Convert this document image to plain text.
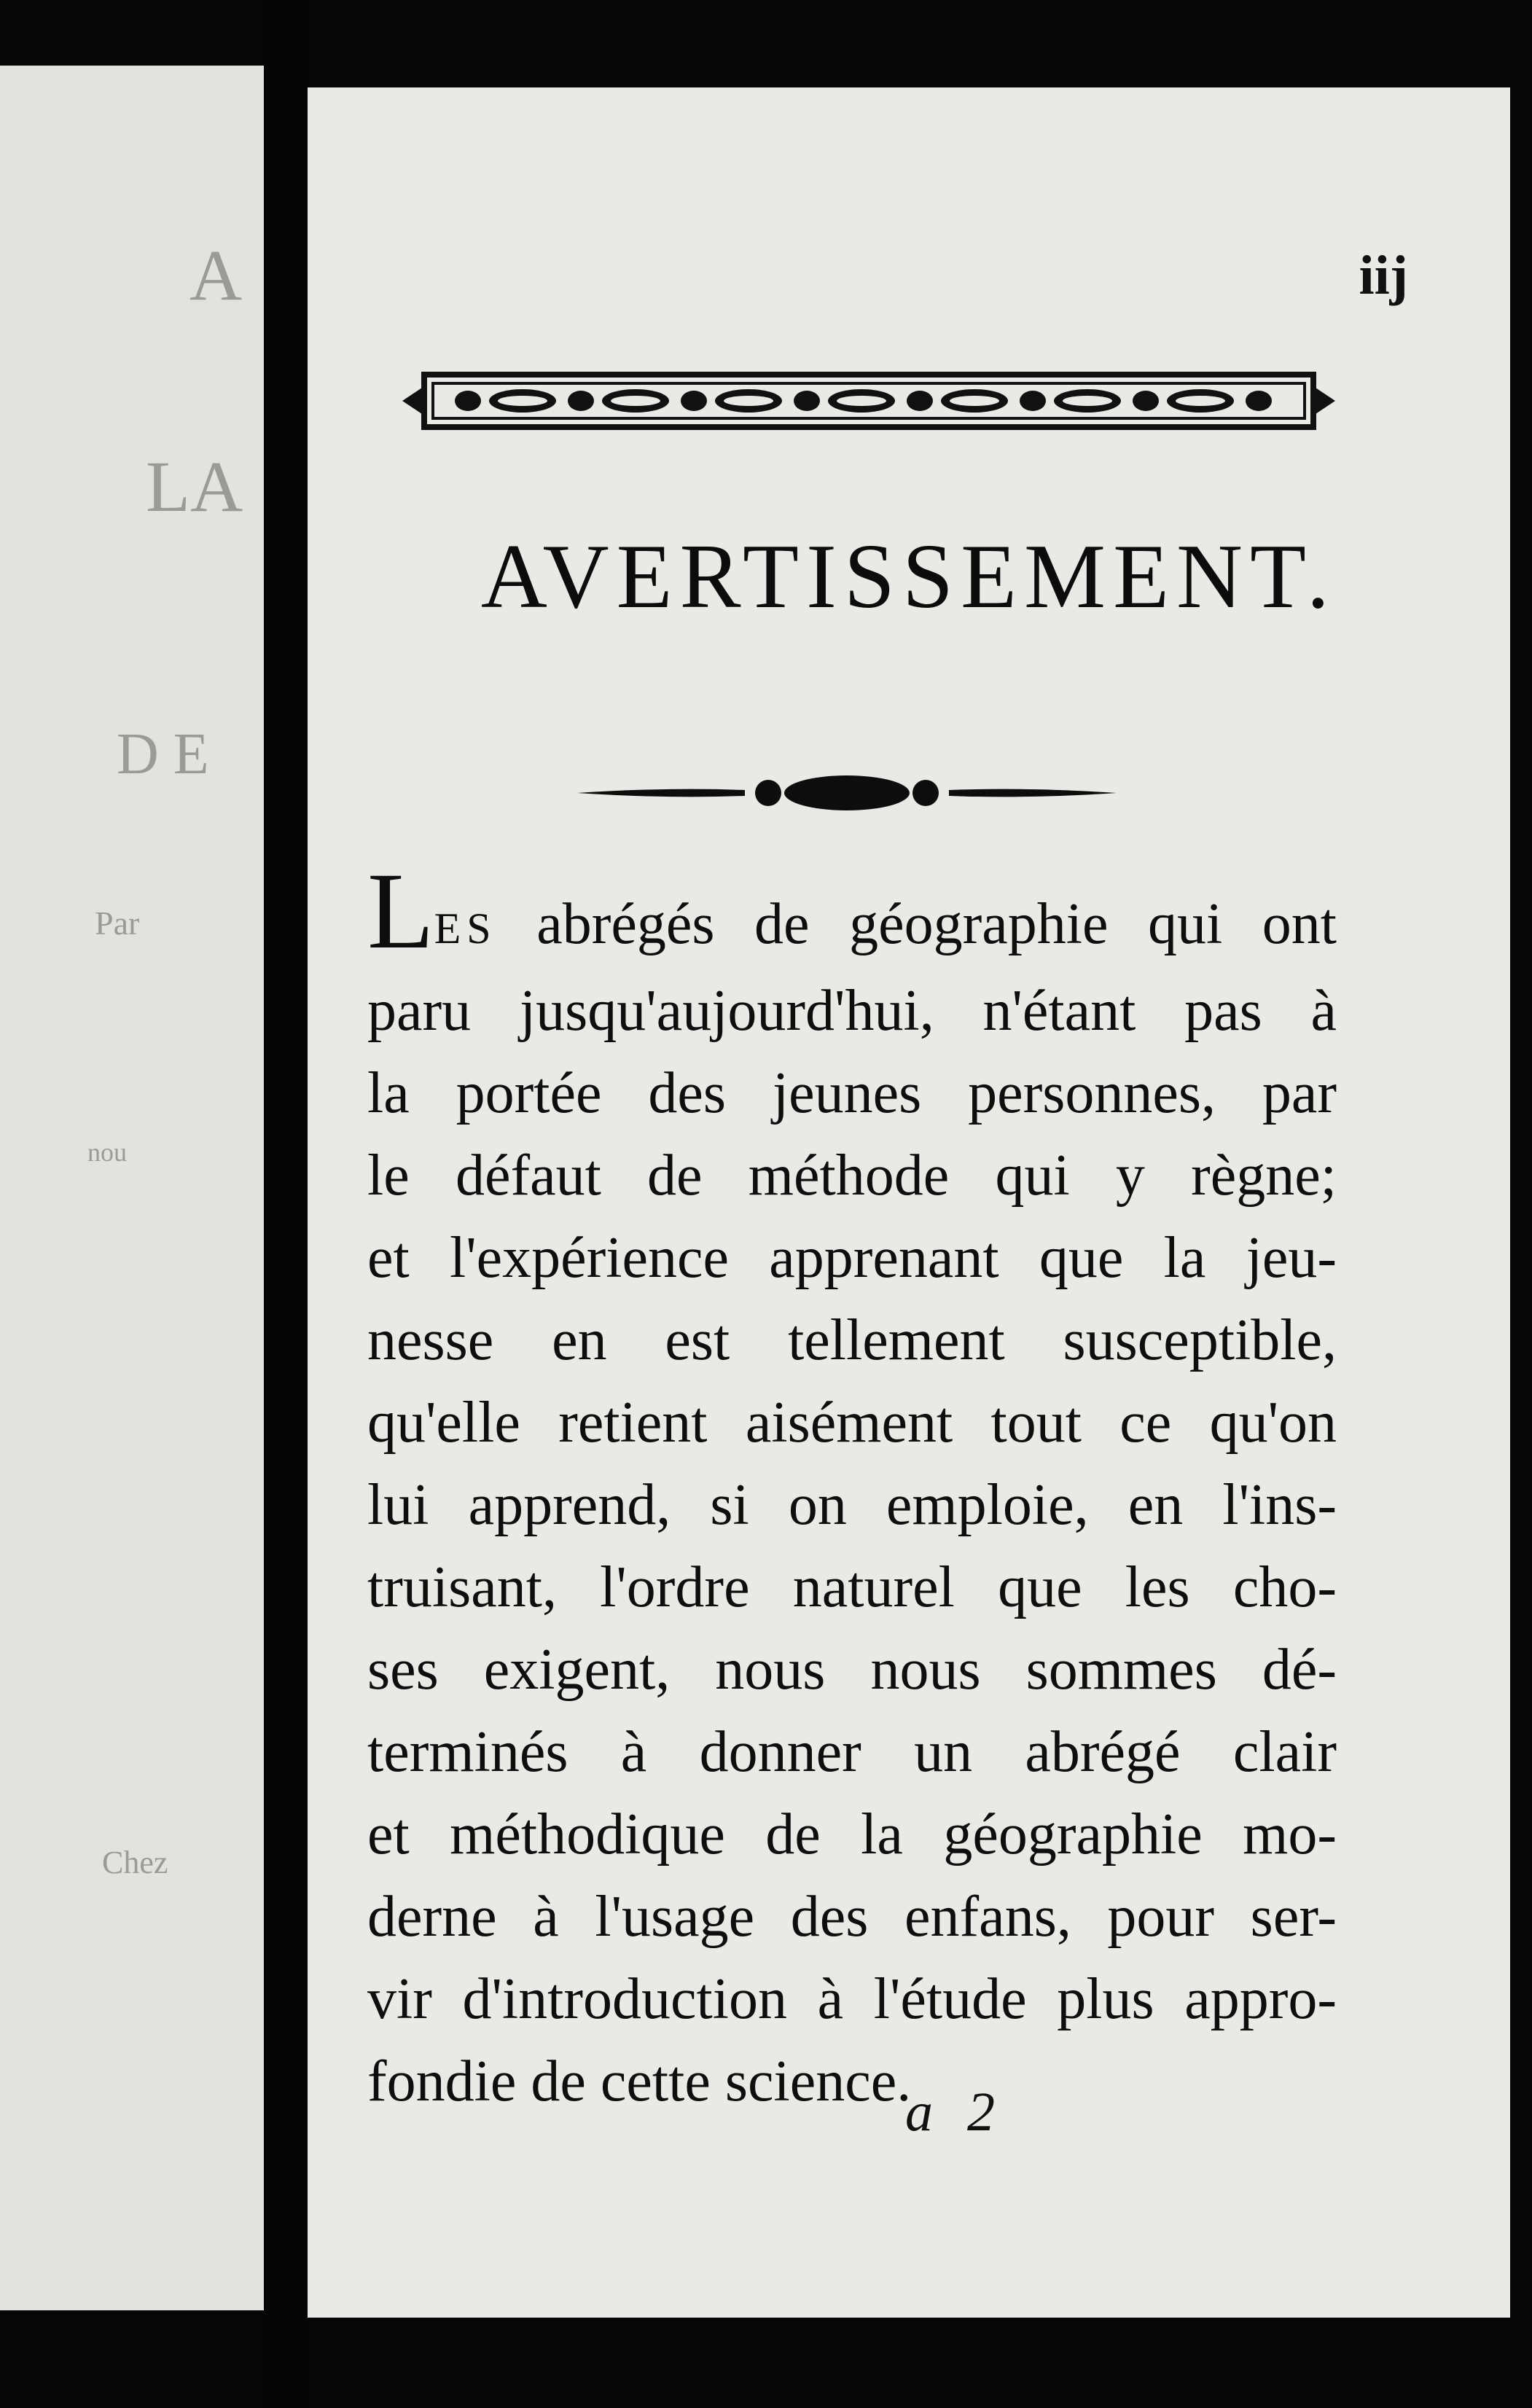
A
LA
D E
Par
nou
Chez
iij
AVERTISSEMENT.

LES abrégés de géographie qui ont
paru jusqu'aujourd'hui, n'étant pas à
la portée des jeunes personnes, par
le défaut de méthode qui y règne;
et l'expérience apprenant que la jeu-
nesse en est tellement susceptible,
qu'elle retient aisément tout ce qu'on
lui apprend, si on emploie, en l'ins-
truisant, l'ordre naturel que les cho-
ses exigent, nous nous sommes dé-
terminés à donner un abrégé clair
et méthodique de la géographie mo-
derne à l'usage des enfans, pour ser-
vir d'introduction à l'étude plus appro-
fondie de cette science.

a 2
